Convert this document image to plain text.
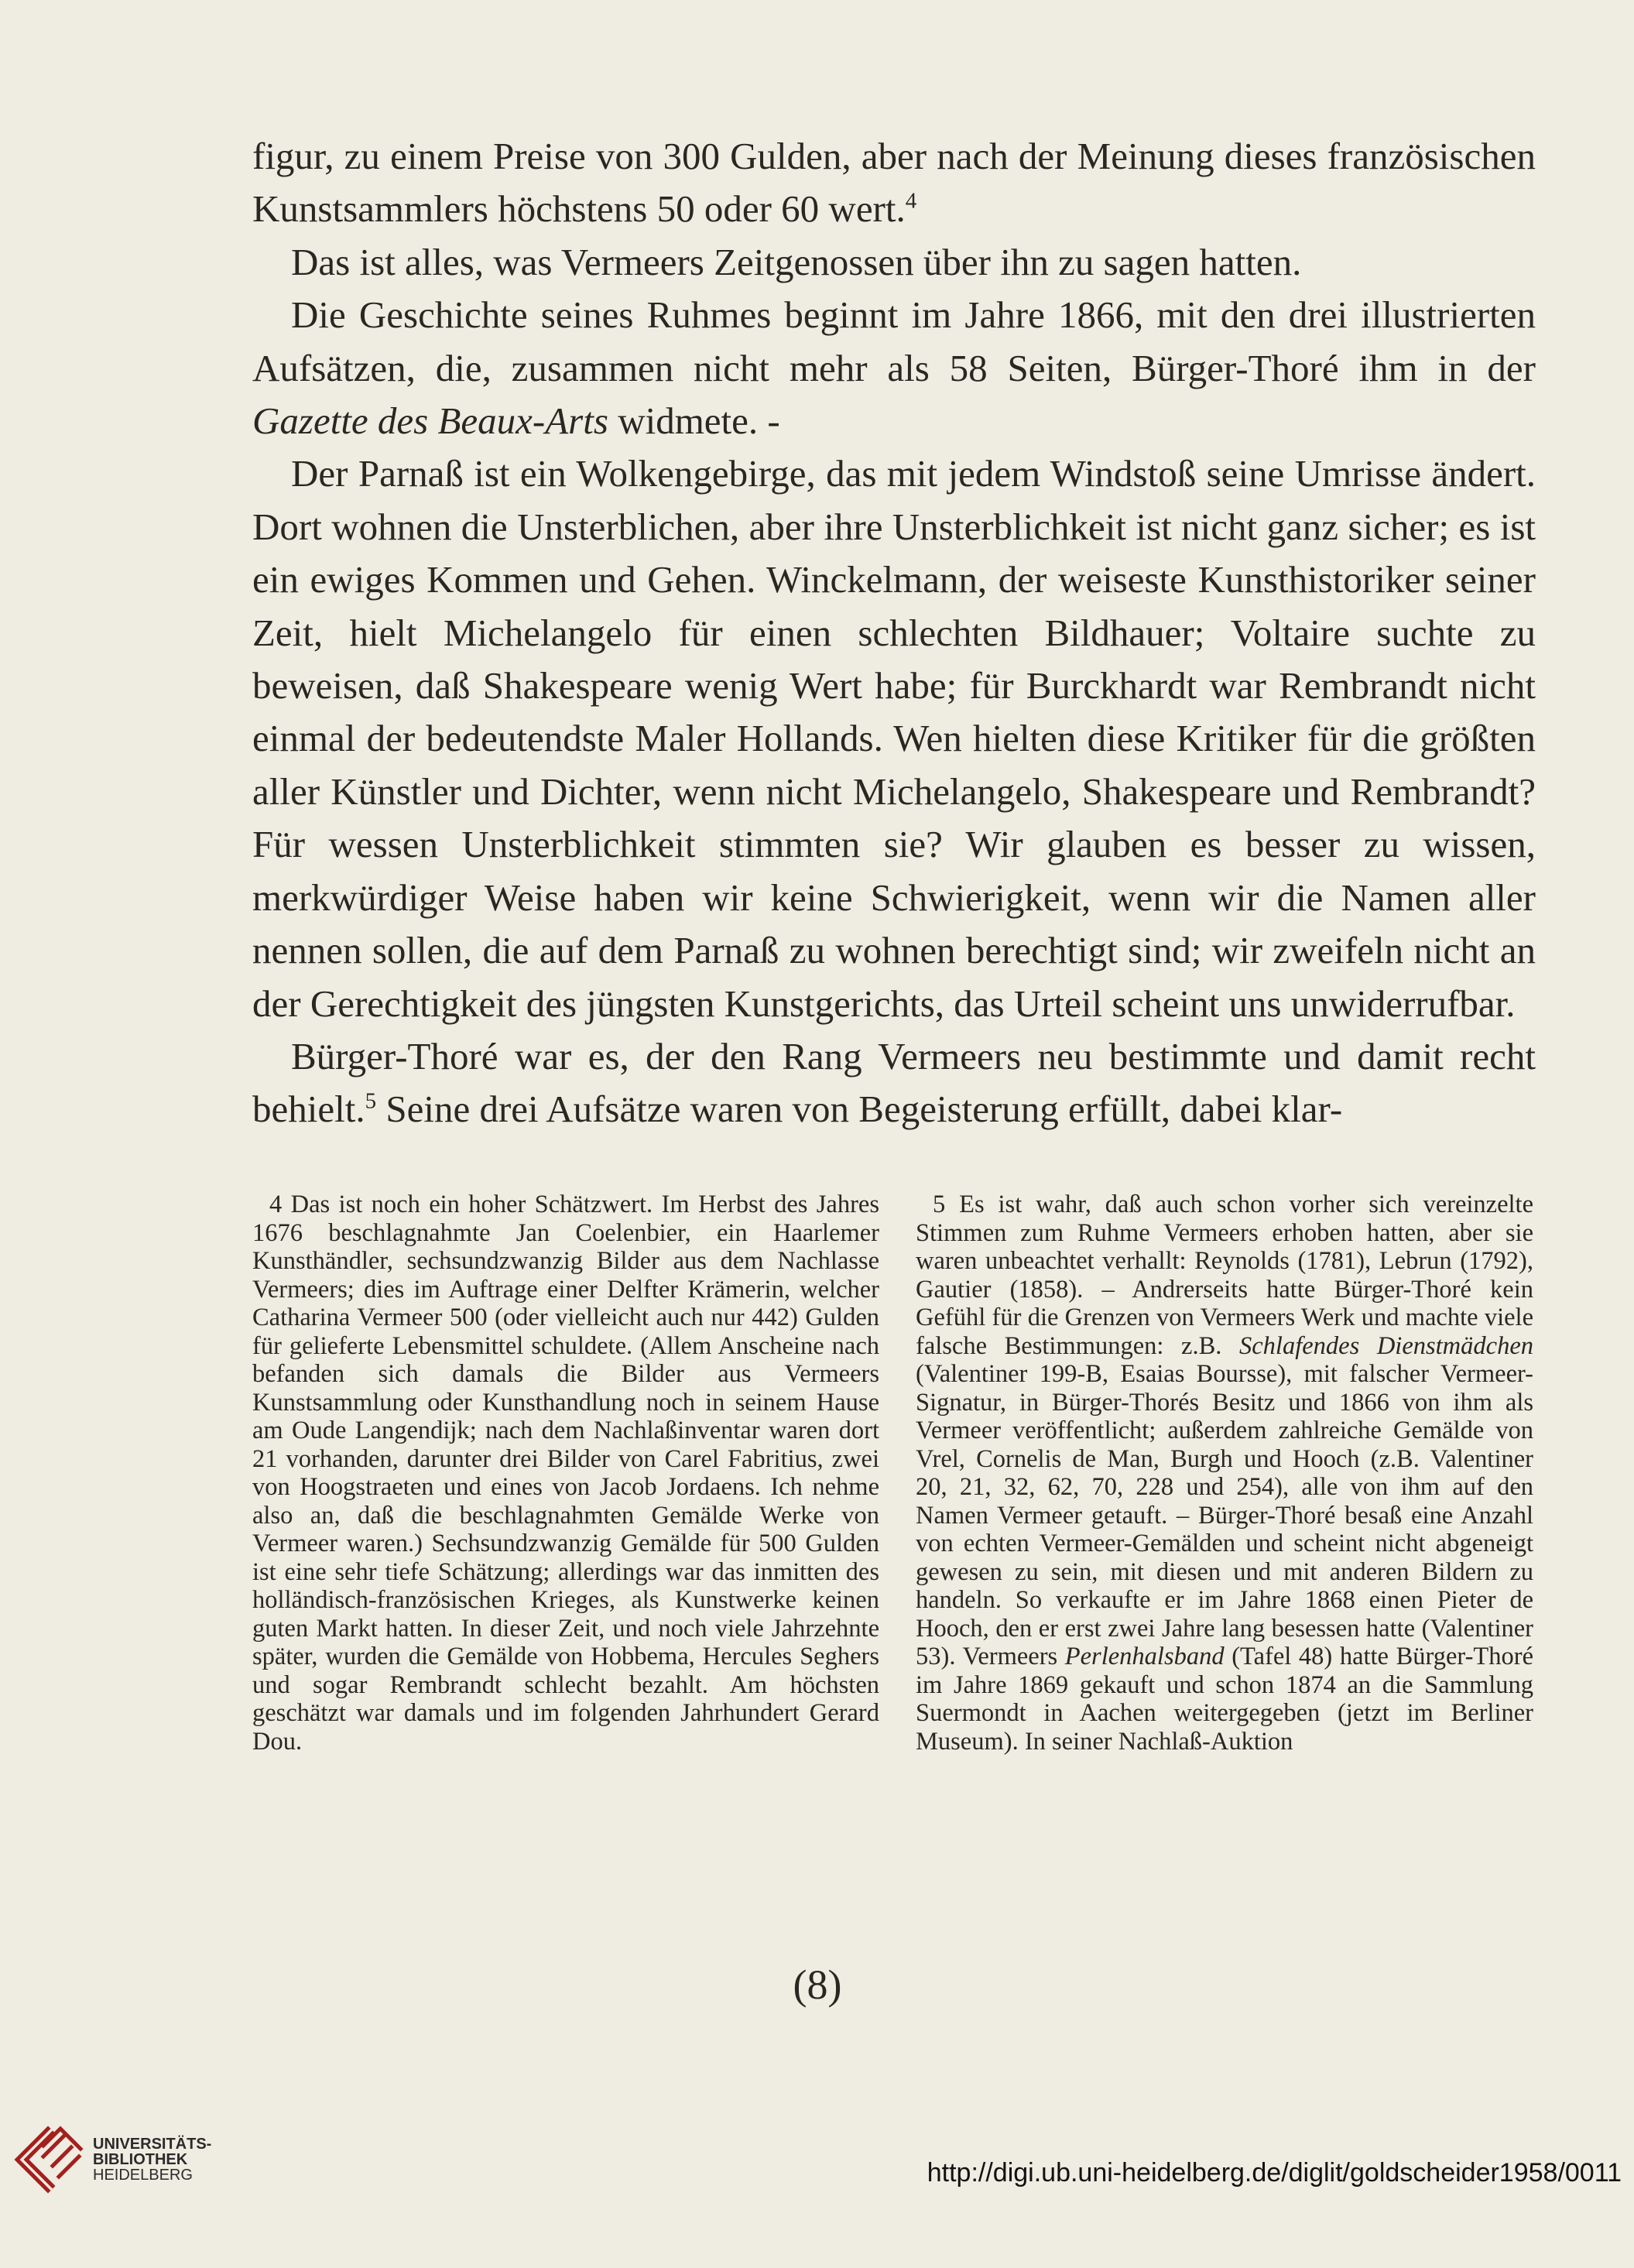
figur, zu einem Preise von 300 Gulden, aber nach der Meinung dieses französischen Kunstsammlers höchstens 50 oder 60 wert.$^4$

Das ist alles, was Vermeers Zeitgenossen über ihn zu sagen hatten.

Die Geschichte seines Ruhmes beginnt im Jahre 1866, mit den drei illustrierten Aufsätzen, die, zusammen nicht mehr als 58 Seiten, Bürger-Thoré ihm in der Gazette des Beaux-Arts widmete. -

Der Parnaß ist ein Wolkengebirge, das mit jedem Windstoß seine Umrisse ändert. Dort wohnen die Unsterblichen, aber ihre Unsterblichkeit ist nicht ganz sicher; es ist ein ewiges Kommen und Gehen. Winckelmann, der weiseste Kunsthistoriker seiner Zeit, hielt Michelangelo für einen schlechten Bildhauer; Voltaire suchte zu beweisen, daß Shakespeare wenig Wert habe; für Burckhardt war Rembrandt nicht einmal der bedeutendste Maler Hollands. Wen hielten diese Kritiker für die größten aller Künstler und Dichter, wenn nicht Michelangelo, Shakespeare und Rembrandt? Für wessen Unsterblichkeit stimmten sie? Wir glauben es besser zu wissen, merkwürdiger Weise haben wir keine Schwierigkeit, wenn wir die Namen aller nennen sollen, die auf dem Parnaß zu wohnen berechtigt sind; wir zweifeln nicht an der Gerechtigkeit des jüngsten Kunstgerichts, das Urteil scheint uns unwiderrufbar.

Bürger-Thoré war es, der den Rang Vermeers neu bestimmte und damit recht behielt.$^5$ Seine drei Aufsätze waren von Begeisterung erfüllt, dabei klar-

4 Das ist noch ein hoher Schätzwert. Im Herbst des Jahres 1676 beschlagnahmte Jan Coelenbier, ein Haarlemer Kunsthändler, sechsundzwanzig Bilder aus dem Nachlasse Vermeers; dies im Auftrage einer Delfter Krämerin, welcher Catharina Vermeer 500 (oder vielleicht auch nur 442) Gulden für gelieferte Lebensmittel schuldete. (Allem Anscheine nach befanden sich damals die Bilder aus Vermeers Kunstsammlung oder Kunsthandlung noch in seinem Hause am Oude Langendijk; nach dem Nachlaßinventar waren dort 21 vorhanden, darunter drei Bilder von Carel Fabritius, zwei von Hoogstraeten und eines von Jacob Jordaens. Ich nehme also an, daß die beschlagnahmten Gemälde Werke von Vermeer waren.) Sechsundzwanzig Gemälde für 500 Gulden ist eine sehr tiefe Schätzung; allerdings war das inmitten des holländisch-französischen Krieges, als Kunstwerke keinen guten Markt hatten. In dieser Zeit, und noch viele Jahrzehnte später, wurden die Gemälde von Hobbema, Hercules Seghers und sogar Rembrandt schlecht bezahlt. Am höchsten geschätzt war damals und im folgenden Jahrhundert Gerard Dou.

5 Es ist wahr, daß auch schon vorher sich vereinzelte Stimmen zum Ruhme Vermeers erhoben hatten, aber sie waren unbeachtet verhallt: Reynolds (1781), Lebrun (1792), Gautier (1858). – Andrerseits hatte Bürger-Thoré kein Gefühl für die Grenzen von Vermeers Werk und machte viele falsche Bestimmungen: z.B. Schlafendes Dienstmädchen (Valentiner 199-B, Esaias Boursse), mit falscher Vermeer-Signatur, in Bürger-Thorés Besitz und 1866 von ihm als Vermeer veröffentlicht; außerdem zahlreiche Gemälde von Vrel, Cornelis de Man, Burgh und Hooch (z.B. Valentiner 20, 21, 32, 62, 70, 228 und 254), alle von ihm auf den Namen Vermeer getauft. – Bürger-Thoré besaß eine Anzahl von echten Vermeer-Gemälden und scheint nicht abgeneigt gewesen zu sein, mit diesen und mit anderen Bildern zu handeln. So verkaufte er im Jahre 1868 einen Pieter de Hooch, den er erst zwei Jahre lang besessen hatte (Valentiner 53). Vermeers Perlenhalsband (Tafel 48) hatte Bürger-Thoré im Jahre 1869 gekauft und schon 1874 an die Sammlung Suermondt in Aachen weitergegeben (jetzt im Berliner Museum). In seiner Nachlaß-Auktion

(8)
UNIVERSITÄTS-
BIBLIOTHEK
HEIDELBERG	http://digi.ub.uni-heidelberg.de/diglit/goldscheider1958/0011
